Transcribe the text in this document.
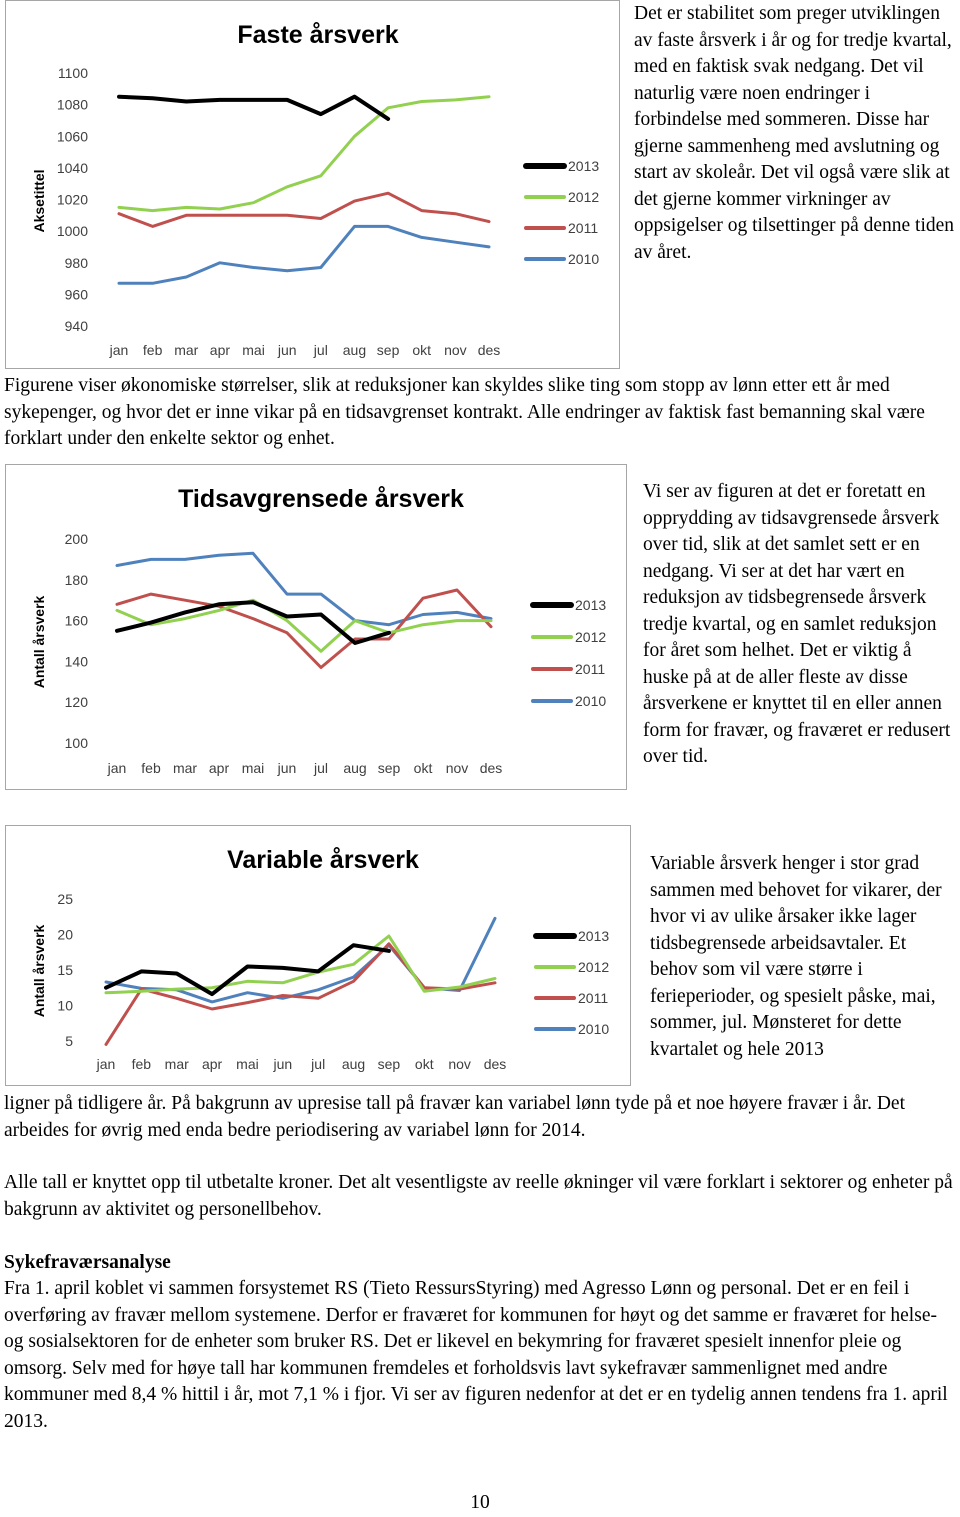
Faste årsverk
Aksetittel
940
960
980
1000
1020
1040
1060
1080
1100
jan feb mar apr mai jun jul aug sep okt nov des
2013
2012
2011
2010

Det er stabilitet som preger utviklingen av faste årsverk i år og for tredje kvartal, med en faktisk svak nedgang. Det vil naturlig være noen endringer i forbindelse med sommeren. Disse har gjerne sammenheng med avslutning og start av skoleår. Det vil også være slik at det gjerne kommer virkninger av oppsigelser og tilsettinger på denne tiden av året.

Figurene viser økonomiske størrelser, slik at reduksjoner kan skyldes slike ting som stopp av lønn etter ett år med sykepenger, og hvor det er inne vikar på en tidsavgrenset kontrakt. Alle endringer av faktisk fast bemanning skal være forklart under den enkelte sektor og enhet.

Tidsavgrensede årsverk
Antall årsverk
100
120
140
160
180
200
jan feb mar apr mai jun jul aug sep okt nov des
2013
2012
2011
2010

Vi ser av figuren at det er foretatt en opprydding av tidsavgrensede årsverk over tid, slik at det samlet sett er en nedgang. Vi ser at det har vært en reduksjon av tidsbegrensede årsverk tredje kvartal, og en samlet reduksjon for året som helhet. Det er viktig å huske på at de aller fleste av disse årsverkene er knyttet til en eller annen form for fravær, og fraværet er redusert over tid.

Variable årsverk
Antall årsverk
5
10
15
20
25
jan feb mar apr mai jun jul aug sep okt nov des
2013
2012
2011
2010

Variable årsverk henger i stor grad sammen med behovet for vikarer, der hvor vi av ulike årsaker ikke lager tidsbegrensede arbeidsavtaler. Et behov som vil være større i ferieperioder, og spesielt påske, mai, sommer, jul. Mønsteret for dette kvartalet og hele 2013

ligner på tidligere år. På bakgrunn av upresise tall på fravær kan variabel lønn tyde på et noe høyere fravær i år. Det arbeides for øvrig med enda bedre periodisering av variabel lønn for 2014.

Alle tall er knyttet opp til utbetalte kroner. Det alt vesentligste av reelle økninger vil være forklart i sektorer og enheter på bakgrunn av aktivitet og personellbehov.

Sykefraværsanalyse

Fra 1. april koblet vi sammen forsystemet RS (Tieto RessursStyring) med Agresso Lønn og personal. Det er en feil i overføring av fravær mellom systemene. Derfor er fraværet for kommunen for høyt og det samme er fraværet for helse- og sosialsektoren for de enheter som bruker RS. Det er likevel en bekymring for fraværet spesielt innenfor pleie og omsorg. Selv med for høye tall har kommunen fremdeles et forholdsvis lavt sykefravær sammenlignet med andre kommuner med 8,4 % hittil i år, mot 7,1 % i fjor. Vi ser av figuren nedenfor at det er en tydelig annen tendens fra 1. april 2013.

10
